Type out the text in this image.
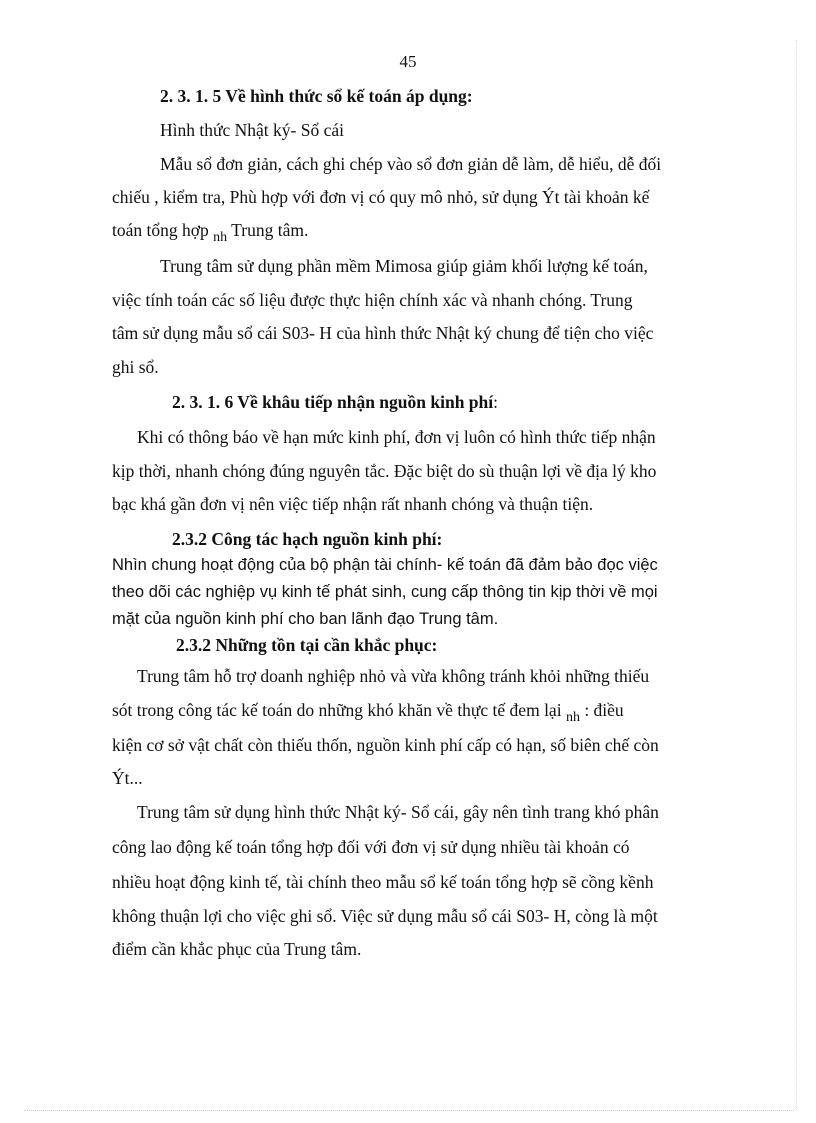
45
2. 3. 1. 5 Về hình thức sổ kế toán áp dụng:
Hình thức Nhật ký- Sổ cái
Mẫu sổ đơn giản, cách ghi chép vào sổ đơn giản dễ làm, dễ hiểu, dễ đối
chiếu , kiểm tra, Phù hợp với đơn vị có quy mô nhỏ, sử dụng Ýt tài khoản kế
toán tổng hợp $_{nh}$ Trung tâm.
Trung tâm sử dụng phần mềm Mimosa giúp giảm khối lượng kế toán,
việc tính toán các số liệu được thực hiện chính xác và nhanh chóng. Trung
tâm sử dụng mẫu sổ cái S03- H của hình thức Nhật ký chung để tiện cho việc
ghi sổ.
2. 3. 1. 6 Về khâu tiếp nhận nguồn kinh phí:
Khi có thông báo về hạn mức kinh phí, đơn vị luôn có hình thức tiếp nhận
kịp thời, nhanh chóng đúng nguyên tắc. Đặc biệt do sù thuận lợi về địa lý kho
bạc khá gần đơn vị nên việc tiếp nhận rất nhanh chóng và thuận tiện.
2.3.2 Công tác hạch nguồn kinh phí:
Nhìn chung hoạt động của bộ phận tài chính- kế toán đã đảm bảo đọc việc
theo dõi các nghiệp vụ kinh tế phát sinh, cung cấp thông tin kịp thời về mọi
mặt của nguồn kinh phí cho ban lãnh đạo Trung tâm.
2.3.2 Những tồn tại cần khắc phục:
Trung tâm hỗ trợ doanh nghiệp nhỏ và vừa không tránh khỏi những thiếu
sót trong công tác kế toán do những khó khăn về thực tế đem lại $_{nh}$ : điều
kiện cơ sở vật chất còn thiếu thốn, nguồn kinh phí cấp có hạn, số biên chế còn
Ýt...
Trung tâm sử dụng hình thức Nhật ký- Sổ cái, gây nên tình trang khó phân
công lao động kế toán tổng hợp đối với đơn vị sử dụng nhiều tài khoản có
nhiều hoạt động kinh tế, tài chính theo mẫu sổ kế toán tổng hợp sẽ cồng kềnh
không thuận lợi cho việc ghi sổ. Việc sử dụng mẫu sổ cái S03- H, còng là một
điểm cần khắc phục của Trung tâm.
